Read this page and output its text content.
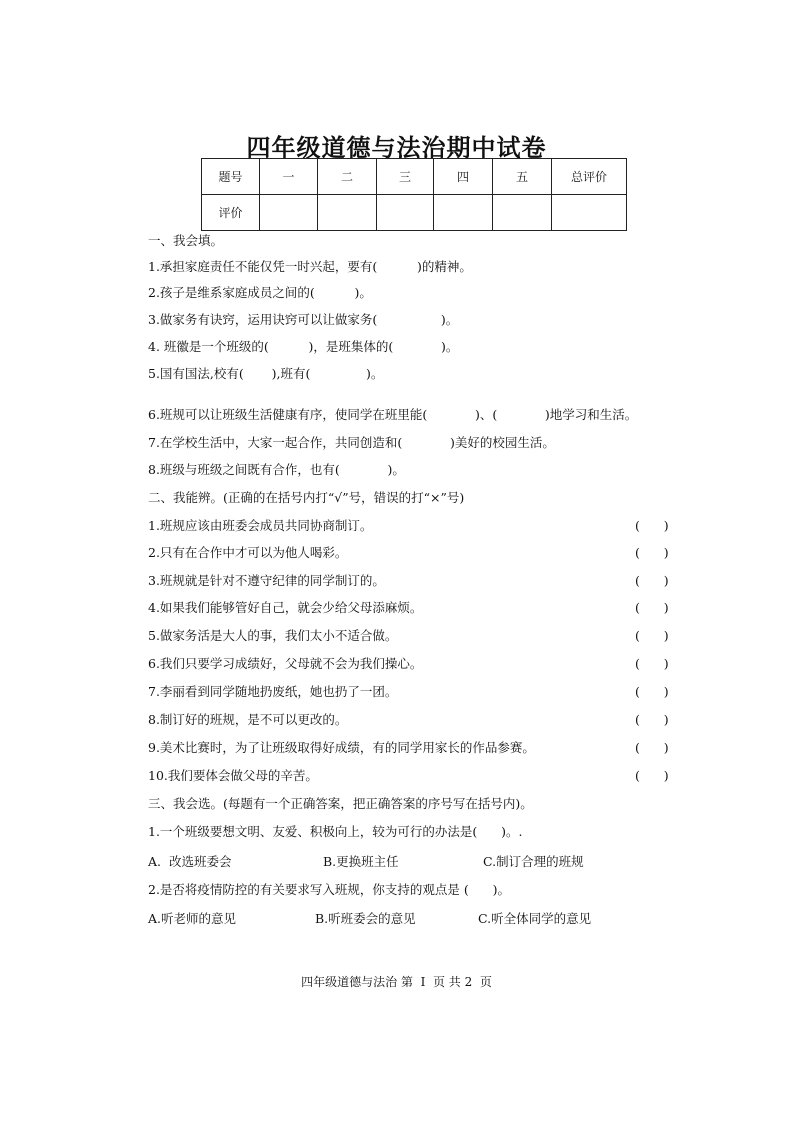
四年级道德与法治期中试卷
题号	一	二	三	四	五	总评价
评价						
一、我会填。
1.承担家庭责任不能仅凭一时兴起，要有(          )的精神。
2.孩子是维系家庭成员之间的(          )。
3.做家务有诀窍，运用诀窍可以让做家务(                )。
4. 班徽是一个班级的(          )，是班集体的(            )。
5.国有国法,校有(       ),班有(              )。
6.班规可以让班级生活健康有序，使同学在班里能(            )、(            )地学习和生活。
7.在学校生活中，大家一起合作，共同创造和(            )美好的校园生活。
8.班级与班级之间既有合作，也有(            )。
二、我能辨。(正确的在括号内打“√”号，错误的打“×”号)
1.班规应该由班委会成员共同协商制订。	(      )
2.只有在合作中才可以为他人喝彩。	(      )
3.班规就是针对不遵守纪律的同学制订的。	(      )
4.如果我们能够管好自己，就会少给父母添麻烦。	(      )
5.做家务活是大人的事，我们太小不适合做。	(      )
6.我们只要学习成绩好，父母就不会为我们操心。	(      )
7.李丽看到同学随地扔废纸，她也扔了一团。	(      )
8.制订好的班规，是不可以更改的。	(      )
9.美术比赛时，为了让班级取得好成绩，有的同学用家长的作品参赛。	(      )
10.我们要体会做父母的辛苦。	(      )
三、我会选。(每题有一个正确答案，把正确答案的序号写在括号内)。
1.一个班级要想文明、友爱、积极向上，较为可行的办法是(      )。.
A.  改选班委会	B.更换班主任	C.制订合理的班规
2.是否将疫情防控的有关要求写入班规，你支持的观点是 (      )。
A.听老师的意见	B.听班委会的意见	C.听全体同学的意见
四年级道德与法治 第  I  页 共 2  页
